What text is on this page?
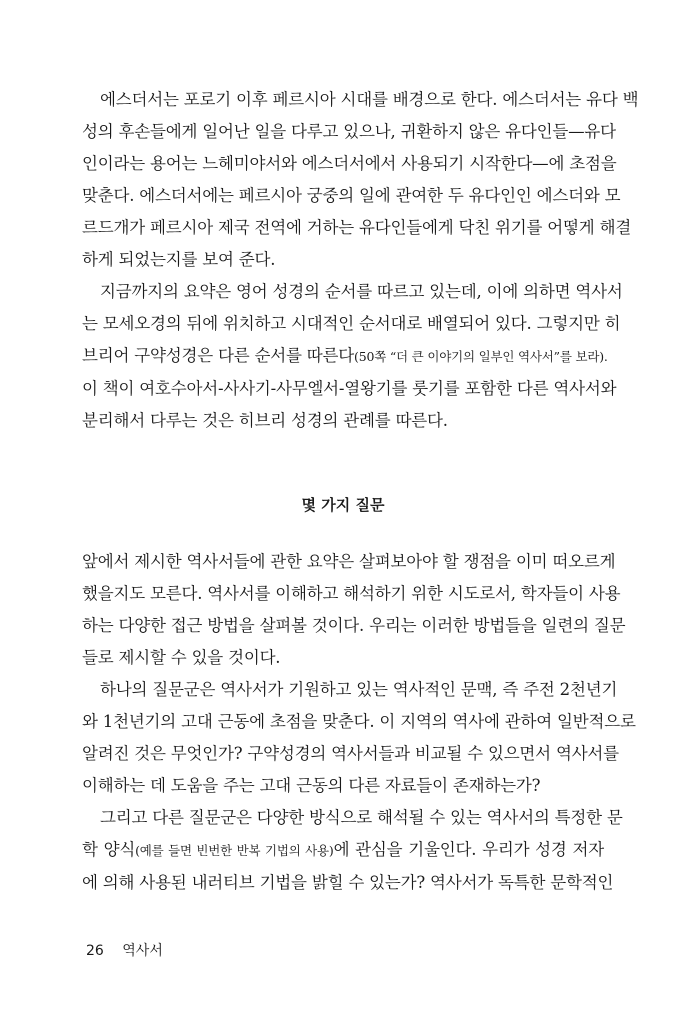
에스더서는 포로기 이후 페르시아 시대를 배경으로 한다. 에스더서는 유다 백
성의 후손들에게 일어난 일을 다루고 있으나, 귀환하지 않은 유다인들—유다
인이라는 용어는 느헤미야서와 에스더서에서 사용되기 시작한다—에 초점을
맞춘다. 에스더서에는 페르시아 궁중의 일에 관여한 두 유다인인 에스더와 모
르드개가 페르시아 제국 전역에 거하는 유다인들에게 닥친 위기를 어떻게 해결
하게 되었는지를 보여 준다.

지금까지의 요약은 영어 성경의 순서를 따르고 있는데, 이에 의하면 역사서
는 모세오경의 뒤에 위치하고 시대적인 순서대로 배열되어 있다. 그렇지만 히
브리어 구약성경은 다른 순서를 따른다(50쪽 “더 큰 이야기의 일부인 역사서”를 보라).
이 책이 여호수아서-사사기-사무엘서-열왕기를 룻기를 포함한 다른 역사서와
분리해서 다루는 것은 히브리 성경의 관례를 따른다.

몇 가지 질문

앞에서 제시한 역사서들에 관한 요약은 살펴보아야 할 쟁점을 이미 떠오르게
했을지도 모른다. 역사서를 이해하고 해석하기 위한 시도로서, 학자들이 사용
하는 다양한 접근 방법을 살펴볼 것이다. 우리는 이러한 방법들을 일련의 질문
들로 제시할 수 있을 것이다.

하나의 질문군은 역사서가 기원하고 있는 역사적인 문맥, 즉 주전 2천년기
와 1천년기의 고대 근동에 초점을 맞춘다. 이 지역의 역사에 관하여 일반적으로
알려진 것은 무엇인가? 구약성경의 역사서들과 비교될 수 있으면서 역사서를
이해하는 데 도움을 주는 고대 근동의 다른 자료들이 존재하는가?

그리고 다른 질문군은 다양한 방식으로 해석될 수 있는 역사서의 특정한 문
학 양식(예를 들면 빈번한 반복 기법의 사용)에 관심을 기울인다. 우리가 성경 저자
에 의해 사용된 내러티브 기법을 밝힐 수 있는가? 역사서가 독특한 문학적인

26 역사서
